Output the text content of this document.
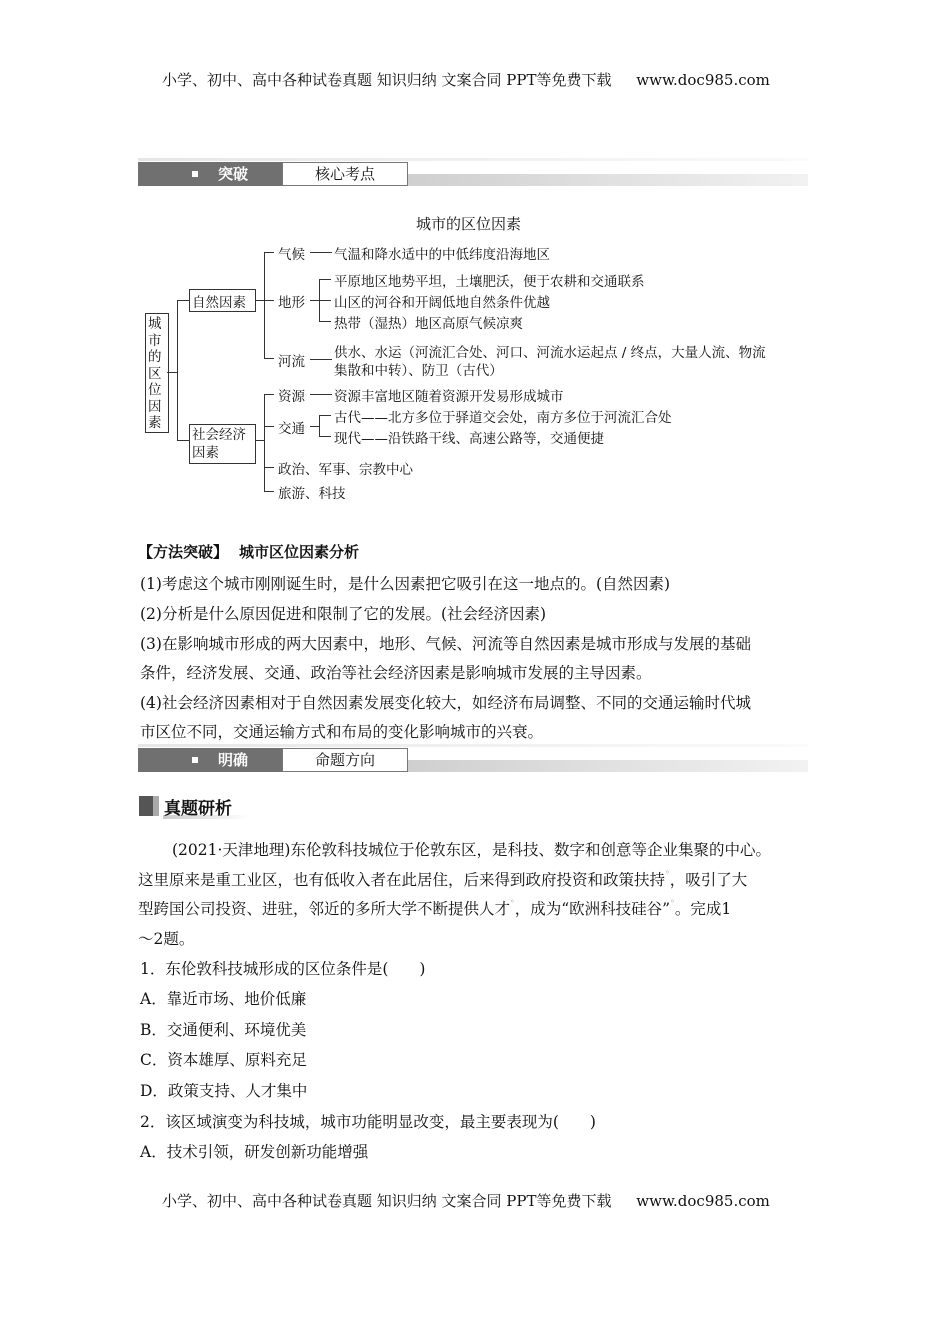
小学、初中、高中各种试卷真题 知识归纳 文案合同 PPT等免费下载 www.doc985.com
突破	核心考点
城市的区位因素
城市的区位因素
自然因素
气候 气温和降水适中的中低纬度沿海地区
地形
平原地区地势平坦，土壤肥沃，便于农耕和交通联系
山区的河谷和开阔低地自然条件优越
热带（湿热）地区高原气候凉爽
河流
供水、水运（河流汇合处、河口、河流水运起点 / 终点，大量人流、物流
集散和中转）、防卫（古代）
社会经济因素
资源 资源丰富地区随着资源开发易形成城市
交通
古代——北方多位于驿道交会处，南方多位于河流汇合处
现代——沿铁路干线、高速公路等，交通便捷
政治、军事、宗教中心
旅游、科技
【方法突破】 城市区位因素分析
(1)考虑这个城市刚刚诞生时，是什么因素把它吸引在这一地点的。(自然因素)
(2)分析是什么原因促进和限制了它的发展。(社会经济因素)
(3)在影响城市形成的两大因素中，地形、气候、河流等自然因素是城市形成与发展的基础
条件，经济发展、交通、政治等社会经济因素是影响城市发展的主导因素。
(4)社会经济因素相对于自然因素发展变化较大，如经济布局调整、不同的交通运输时代城
市区位不同，交通运输方式和布局的变化影响城市的兴衰。
明确	命题方向
真题研析
(2021·天津地理)东伦敦科技城位于伦敦东区，是科技、数字和创意等企业集聚的中心。
这里原来是重工业区，也有低收入者在此居住，后来得到政府投资和政策扶持◦，吸引了大
型跨国公司投资、进驻，邻近的多所大学不断提供人才◦，成为“欧洲科技硅谷”◦。完成1
～2题。
1．东伦敦科技城形成的区位条件是(　　)
A．靠近市场、地价低廉
B．交通便利、环境优美
C．资本雄厚、原料充足
D．政策支持、人才集中
2．该区域演变为科技城，城市功能明显改变，最主要表现为(　　)
A．技术引领，研发创新功能增强
小学、初中、高中各种试卷真题 知识归纳 文案合同 PPT等免费下载 www.doc985.com
